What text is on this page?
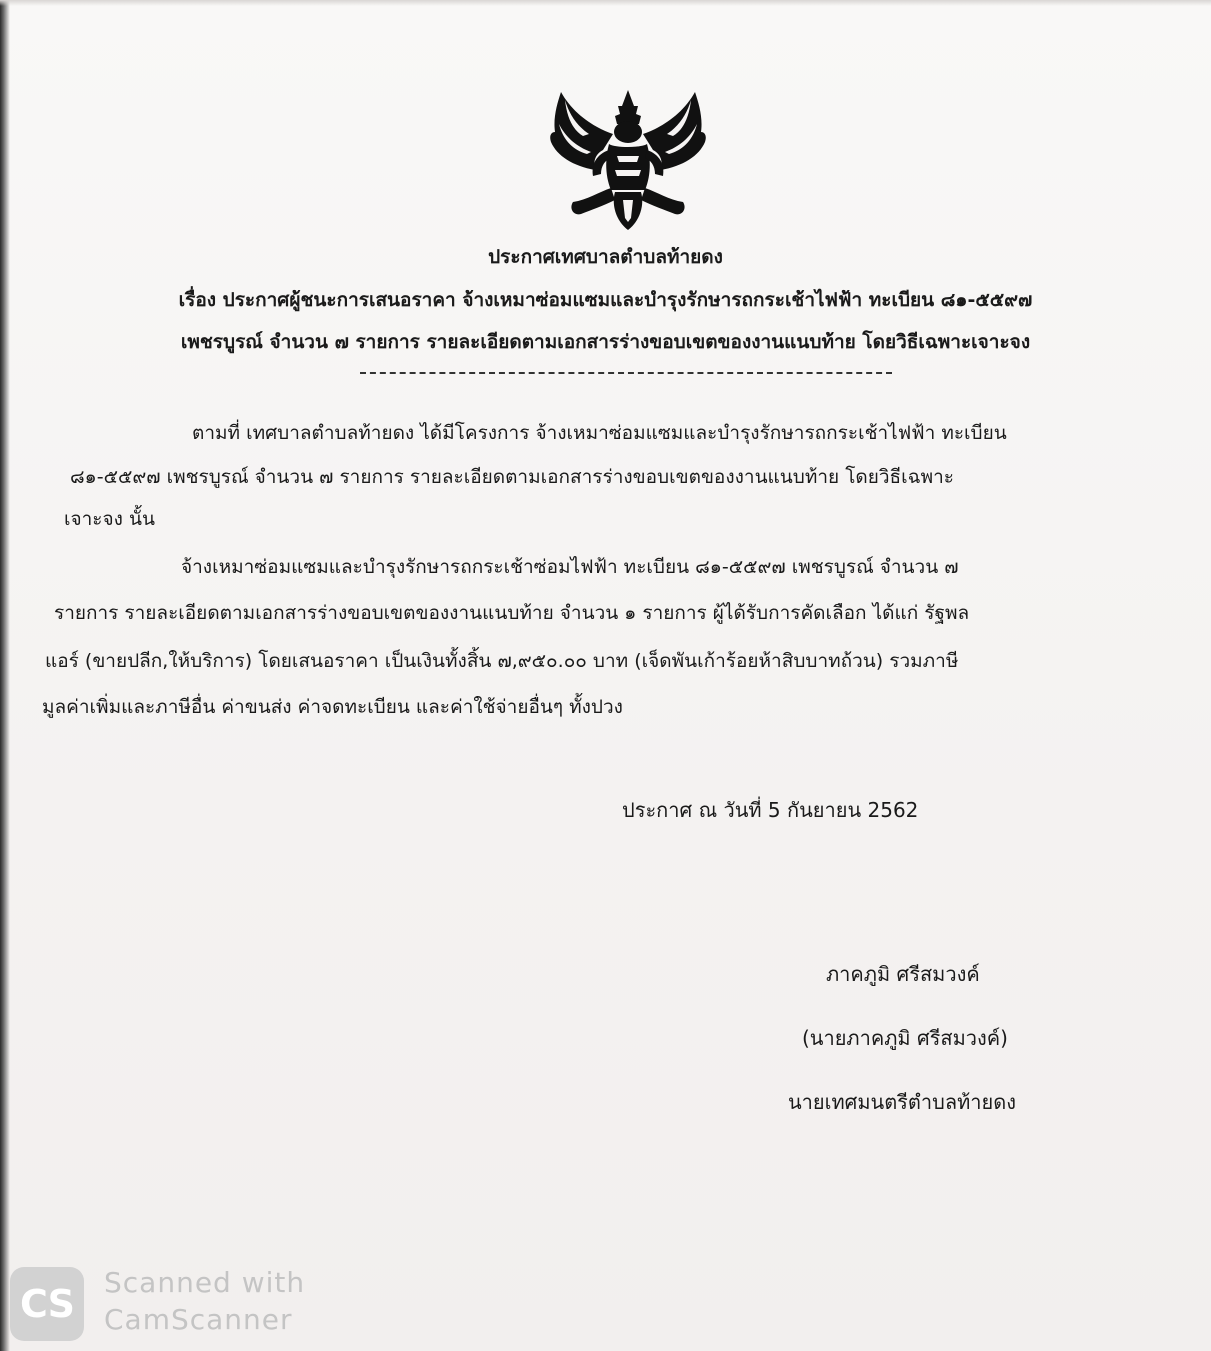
ประกาศเทศบาลตำบลท้ายดง
เรื่อง ประกาศผู้ชนะการเสนอราคา จ้างเหมาซ่อมแซมและบำรุงรักษารถกระเช้าไฟฟ้า ทะเบียน ๘๑-๕๕๙๗
เพชรบูรณ์ จำนวน ๗ รายการ รายละเอียดตามเอกสารร่างขอบเขตของงานแนบท้าย โดยวิธีเฉพาะเจาะจง
ตามที่ เทศบาลตำบลท้ายดง ได้มีโครงการ จ้างเหมาซ่อมแซมและบำรุงรักษารถกระเช้าไฟฟ้า ทะเบียน
๘๑-๕๕๙๗ เพชรบูรณ์ จำนวน ๗ รายการ รายละเอียดตามเอกสารร่างขอบเขตของงานแนบท้าย โดยวิธีเฉพาะ
เจาะจง นั้น
จ้างเหมาซ่อมแซมและบำรุงรักษารถกระเช้าซ่อมไฟฟ้า ทะเบียน ๘๑-๕๕๙๗ เพชรบูรณ์ จำนวน ๗
รายการ รายละเอียดตามเอกสารร่างขอบเขตของงานแนบท้าย จำนวน ๑ รายการ ผู้ได้รับการคัดเลือก ได้แก่ รัฐพล
แอร์ (ขายปลีก,ให้บริการ) โดยเสนอราคา เป็นเงินทั้งสิ้น ๗,๙๕๐.๐๐ บาท (เจ็ดพันเก้าร้อยห้าสิบบาทถ้วน) รวมภาษี
มูลค่าเพิ่มและภาษีอื่น ค่าขนส่ง ค่าจดทะเบียน และค่าใช้จ่ายอื่นๆ ทั้งปวง
ประกาศ ณ วันที่ 5 กันยายน 2562
ภาคภูมิ ศรีสมวงค์
(นายภาคภูมิ ศรีสมวงค์)
นายเทศมนตรีตำบลท้ายดง
CS	Scanned with
CamScanner
